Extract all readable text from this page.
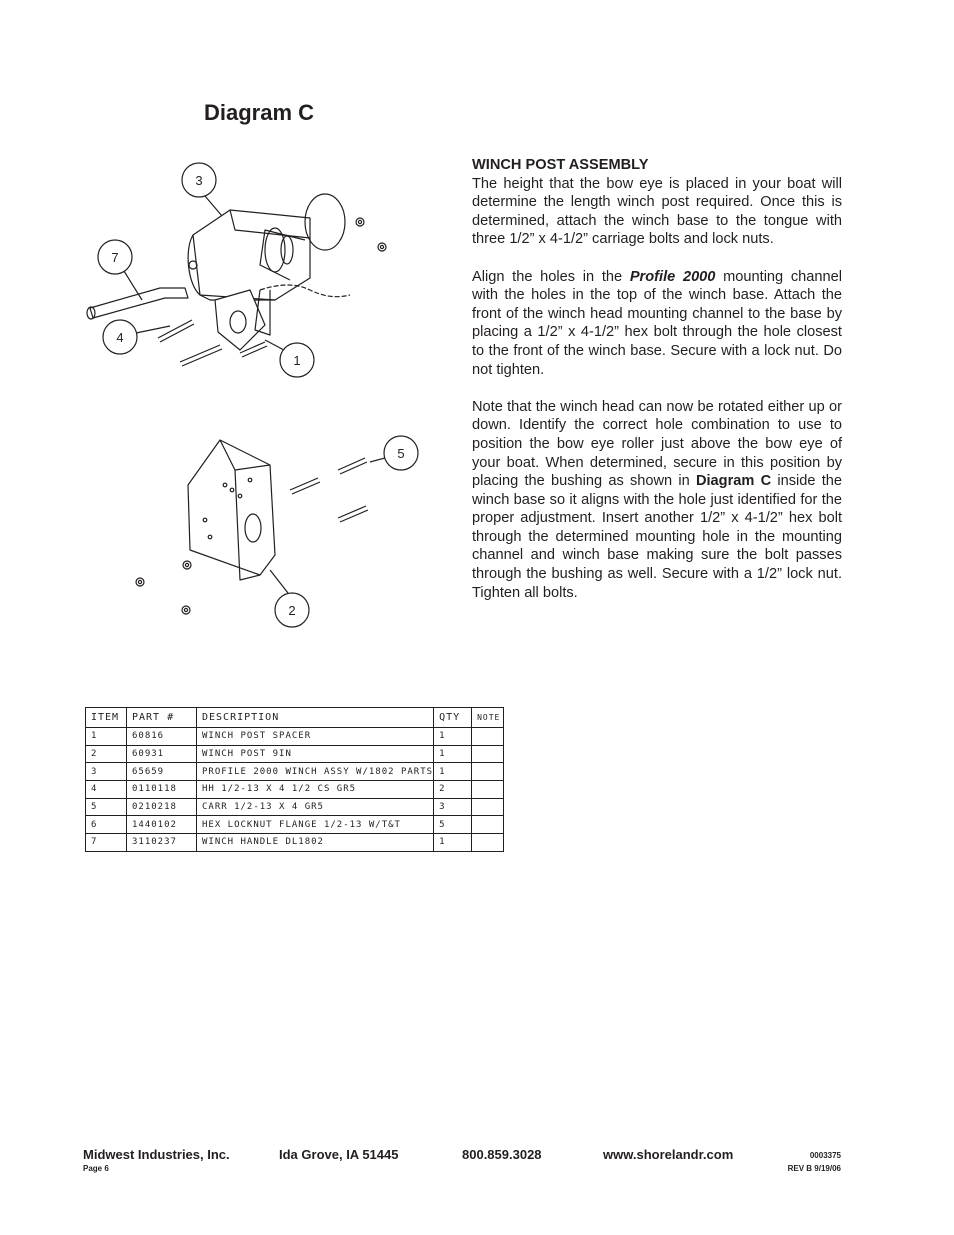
Diagram C
3
7
4
1
5
2
WINCH POST ASSEMBLY

The height that the bow eye is placed in your boat will determine the length winch post required. Once this is determined, attach the winch base to the tongue with three 1/2” x 4-1/2” carriage bolts and lock nuts.

Align the holes in the Profile 2000 mounting channel with the holes in the top of the winch base. Attach the front of the winch head mounting channel to the base by placing a 1/2” x 4-1/2” hex bolt through the hole closest to the front of the winch base. Secure with a lock nut. Do not tighten.

Note that the winch head can now be rotated either up or down. Identify the correct hole combination to use to position the bow eye roller just above the bow eye of your boat. When determined, secure in this position by placing the bushing as shown in Diagram C inside the winch base so it aligns with the hole just identified for the proper adjustment. Insert another 1/2” x 4-1/2” hex bolt through the determined mounting hole in the mounting channel and winch base making sure the bolt passes through the bushing as well. Secure with a 1/2” lock nut. Tighten all bolts.

ITEM	PART #	DESCRIPTION	QTY	NOTE
1	60816	WINCH POST SPACER	1	
2	60931	WINCH POST 9IN	1	
3	65659	PROFILE 2000 WINCH ASSY W/1802 PARTS	1	
4	0110118	HH 1/2-13 X 4 1/2 CS GR5	2	
5	0210218	CARR 1/2-13 X 4 GR5	3	
6	1440102	HEX LOCKNUT FLANGE 1/2-13 W/T&T	5	
7	3110237	WINCH HANDLE DL1802	1	
Midwest Industries, Inc.	Ida Grove, IA 51445	800.859.3028	www.shorelandr.com
Page 6
0003375
REV B 9/19/06
